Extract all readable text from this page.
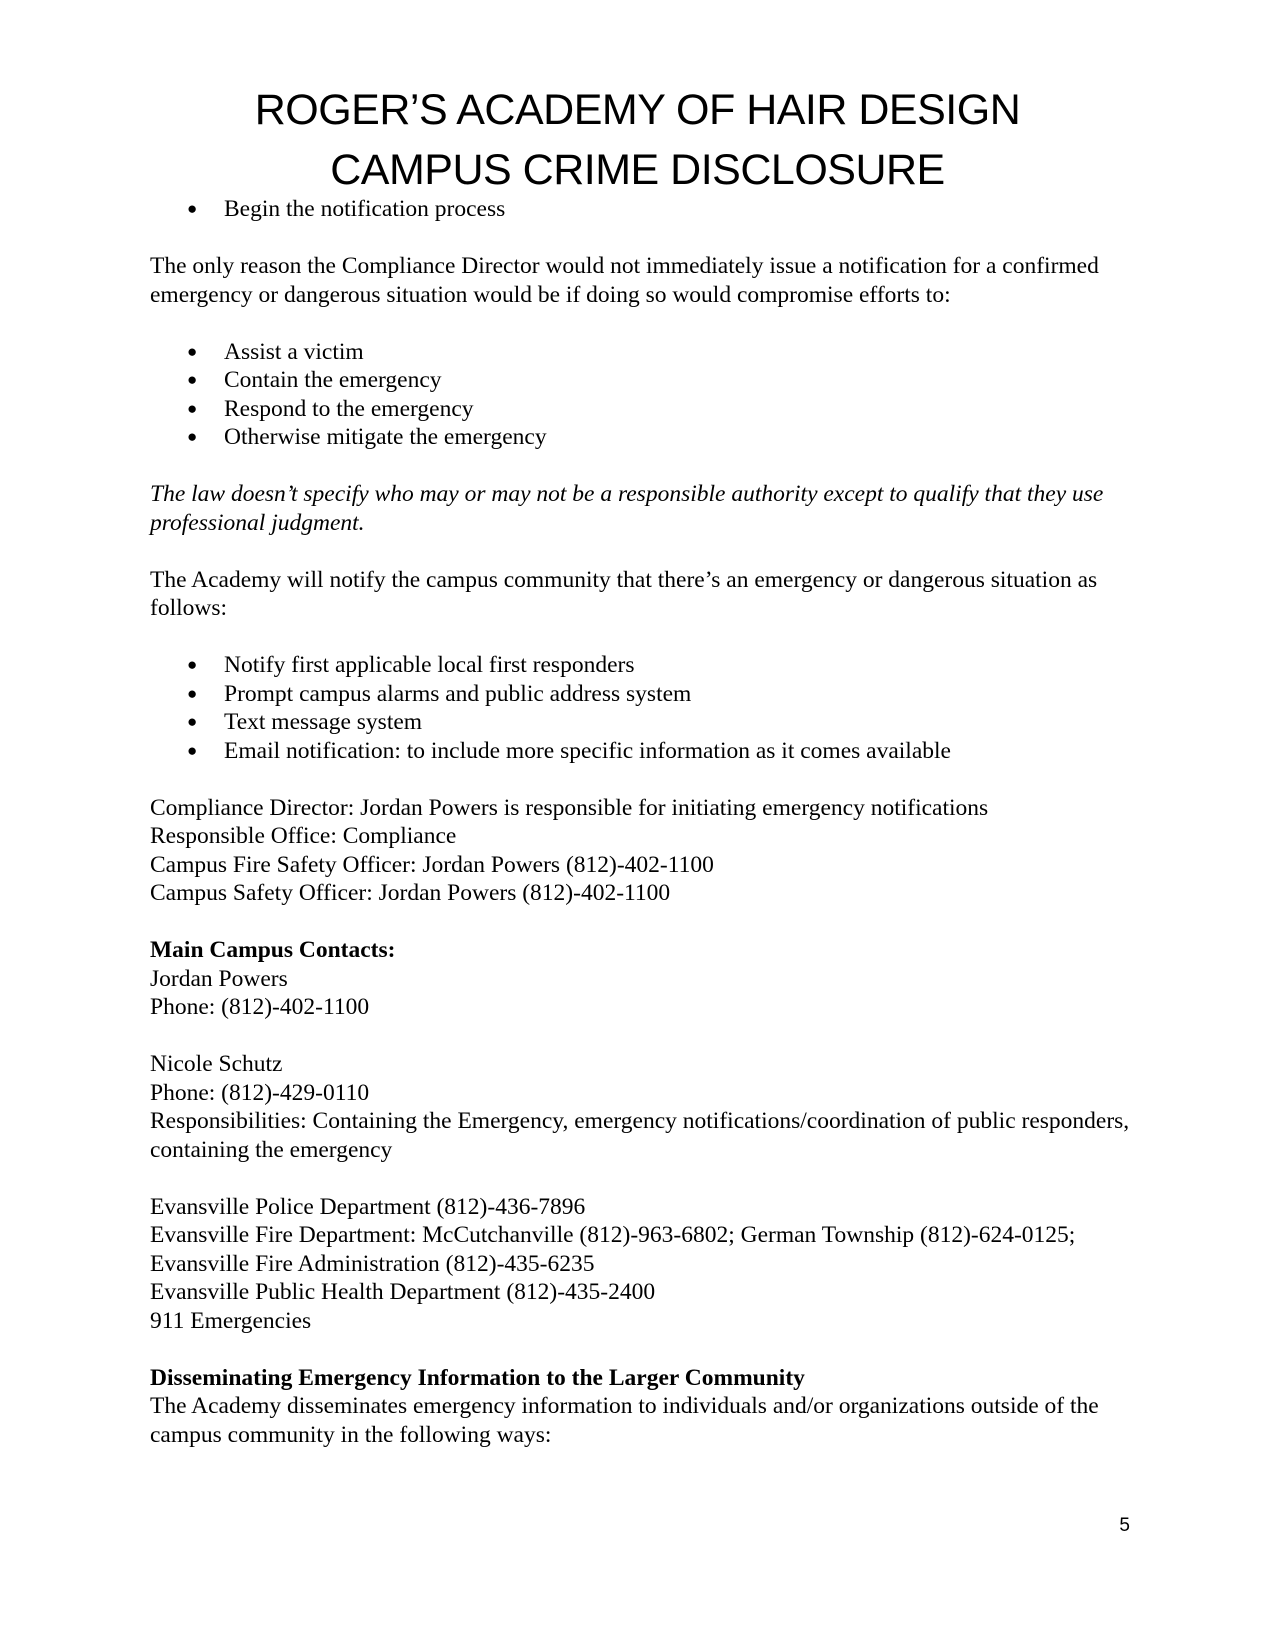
ROGER’S ACADEMY OF HAIR DESIGN
CAMPUS CRIME DISCLOSURE
● Begin the notification process

The only reason the Compliance Director would not immediately issue a notification for a confirmed emergency or dangerous situation would be if doing so would compromise efforts to:

● Assist a victim
● Contain the emergency
● Respond to the emergency
● Otherwise mitigate the emergency

The law doesn’t specify who may or may not be a responsible authority except to qualify that they use professional judgment.

The Academy will notify the campus community that there’s an emergency or dangerous situation as follows:

● Notify first applicable local first responders
● Prompt campus alarms and public address system
● Text message system
● Email notification: to include more specific information as it comes available

Compliance Director: Jordan Powers is responsible for initiating emergency notifications

Responsible Office: Compliance

Campus Fire Safety Officer: Jordan Powers (812)-402-1100

Campus Safety Officer: Jordan Powers (812)-402-1100

Main Campus Contacts:

Jordan Powers

Phone: (812)-402-1100

Nicole Schutz

Phone: (812)-429-0110

Responsibilities: Containing the Emergency, emergency notifications/coordination of public responders, containing the emergency

Evansville Police Department (812)-436-7896

Evansville Fire Department: McCutchanville (812)-963-6802; German Township (812)-624-0125; Evansville Fire Administration (812)-435-6235

Evansville Public Health Department (812)-435-2400

911 Emergencies

Disseminating Emergency Information to the Larger Community

The Academy disseminates emergency information to individuals and/or organizations outside of the campus community in the following ways:

5
